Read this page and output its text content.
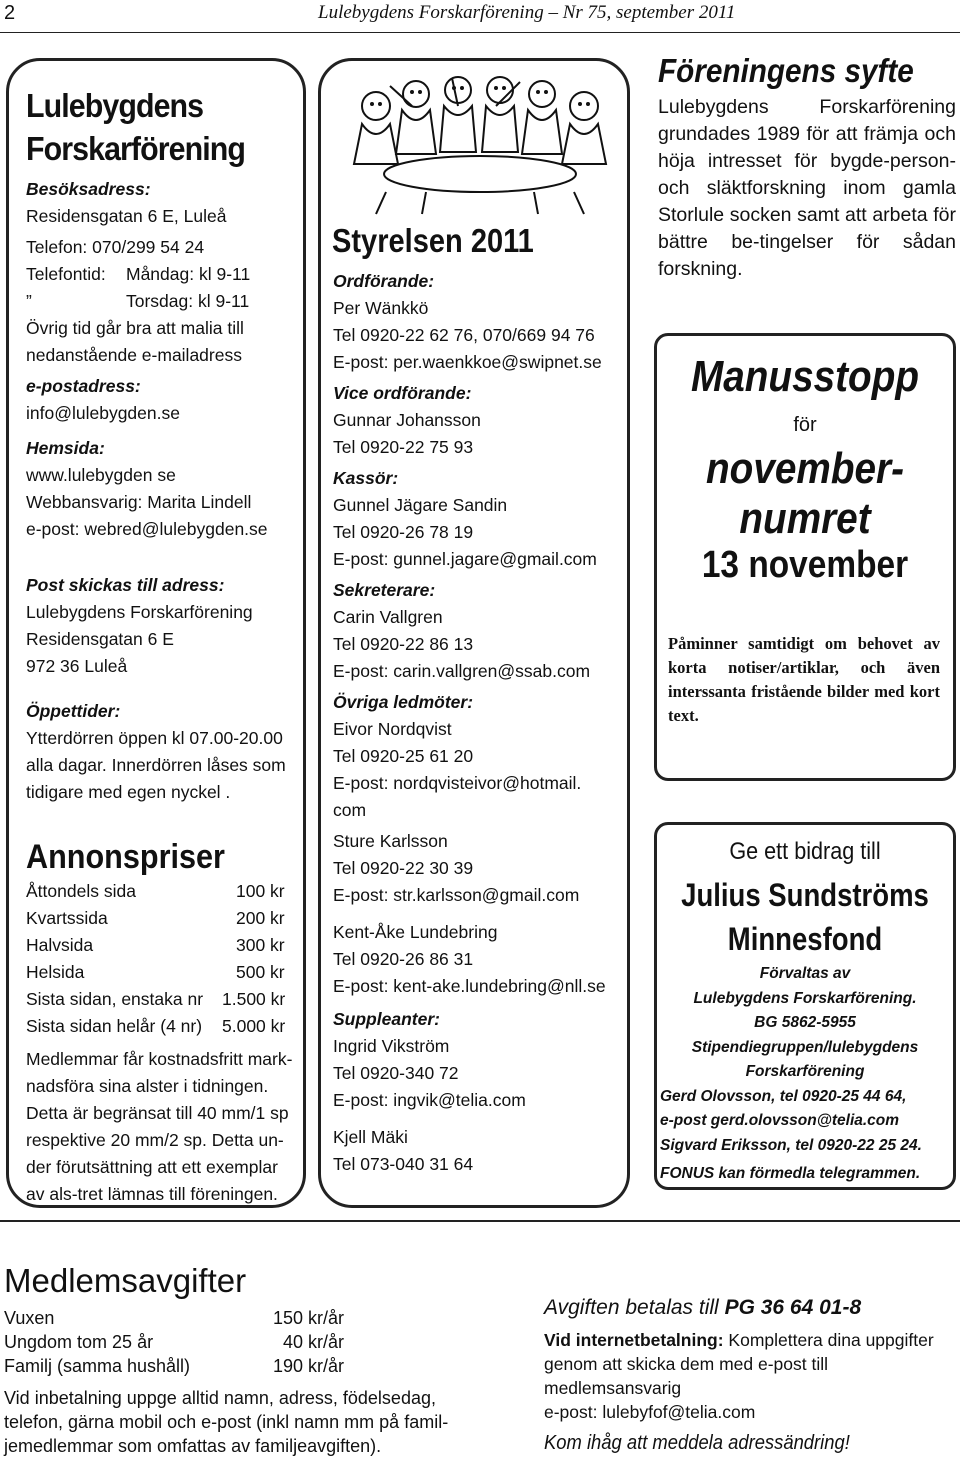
2	Lulebygdens Forskarförening – Nr 75, september 2011
Lulebygdens
Forskarförening
Besöksadress:
Residensgatan 6 E, Luleå
Telefon: 070/299 54 24
Telefontid:	Måndag: kl 9-11
”	Torsdag: kl 9-11
Övrig tid går bra att malia till
nedanstående e-mailadress
e-postadress:
info@lulebygden.se
Hemsida:
www.lulebygden se
Webbansvarig: Marita Lindell
e-post: webred@lulebygden.se
Post skickas till adress:
Lulebygdens Forskarförening
Residensgatan 6 E
972 36 Luleå
Öppettider:
Ytterdörren öppen kl 07.00-20.00
alla dagar. Innerdörren låses som
tidigare med egen nyckel .
Annonspriser
Åttondels sida	100 kr
Kvartssida	200 kr
Halvsida	300 kr
Helsida	500 kr
Sista sidan, enstaka nr	1.500 kr
Sista sidan helår (4 nr)	5.000 kr
Medlemmar får kostnadsfritt mark-
nadsföra sina alster i tidningen.
Detta är begränsat till 40 mm/1 sp
respektive 20 mm/2 sp. Detta un-
der förutsättning att ett exemplar
av als-tret lämnas till föreningen.
Styrelsen 2011
Ordförande:
Per Wänkkö
Tel 0920-22 62 76, 070/669 94 76
E-post: per.waenkkoe@swipnet.se
Vice ordförande:
Gunnar Johansson
Tel 0920-22 75 93
Kassör:
Gunnel Jägare Sandin
Tel 0920-26 78 19
E-post: gunnel.jagare@gmail.com
Sekreterare:
Carin Vallgren
Tel 0920-22 86 13
E-post: carin.vallgren@ssab.com
Övriga ledmöter:
Eivor Nordqvist
Tel 0920-25 61 20
E-post: nordqvisteivor@hotmail.
com
Sture Karlsson
Tel 0920-22 30 39
E-post: str.karlsson@gmail.com
Kent-Åke Lundebring
Tel 0920-26 86 31
E-post: kent-ake.lundebring@nll.se
Suppleanter:
Ingrid Vikström
Tel 0920-340 72
E-post: ingvik@telia.com
Kjell Mäki
Tel 073-040 31 64
Föreningens syfte
Lulebygdens Forskarförening grundades 1989 för att främja och höja intresset för bygde-person- och släktforskning inom gamla Storlule socken samt att arbeta för bättre be-tingelser för sådan forskning.
Manusstopp
för
november-
numret
13 november
Påminner samtidigt om behovet av korta notiser/artiklar, och även interssanta fristående bilder med kort text.
Ge ett bidrag till
Julius Sundströms
Minnesfond
Förvaltas av
Lulebygdens Forskarförening.
BG 5862-5955
Stipendiegruppen/lulebygdens
Forskarförening
Gerd Olovsson, tel 0920-25 44 64,
e-post gerd.olovsson@telia.com
Sigvard Eriksson, tel 0920-22 25 24.
FONUS kan förmedla telegrammen.
Medlemsavgifter
Vuxen	150 kr/år
Ungdom tom 25 år	40 kr/år
Familj (samma hushåll)	190 kr/år
Vid inbetalning uppge alltid namn, adress, födelsedag,
telefon, gärna mobil och e-post (inkl namn mm på famil-
jemedlemmar som omfattas av familjeavgiften).
Avgiften betalas till PG 36 64 01-8
Vid internetbetalning: Komplettera dina uppgifter genom att skicka dem med e-post till medlemsansvarig
e-post: lulebyfof@telia.com
Kom ihåg att meddela adressändring!
